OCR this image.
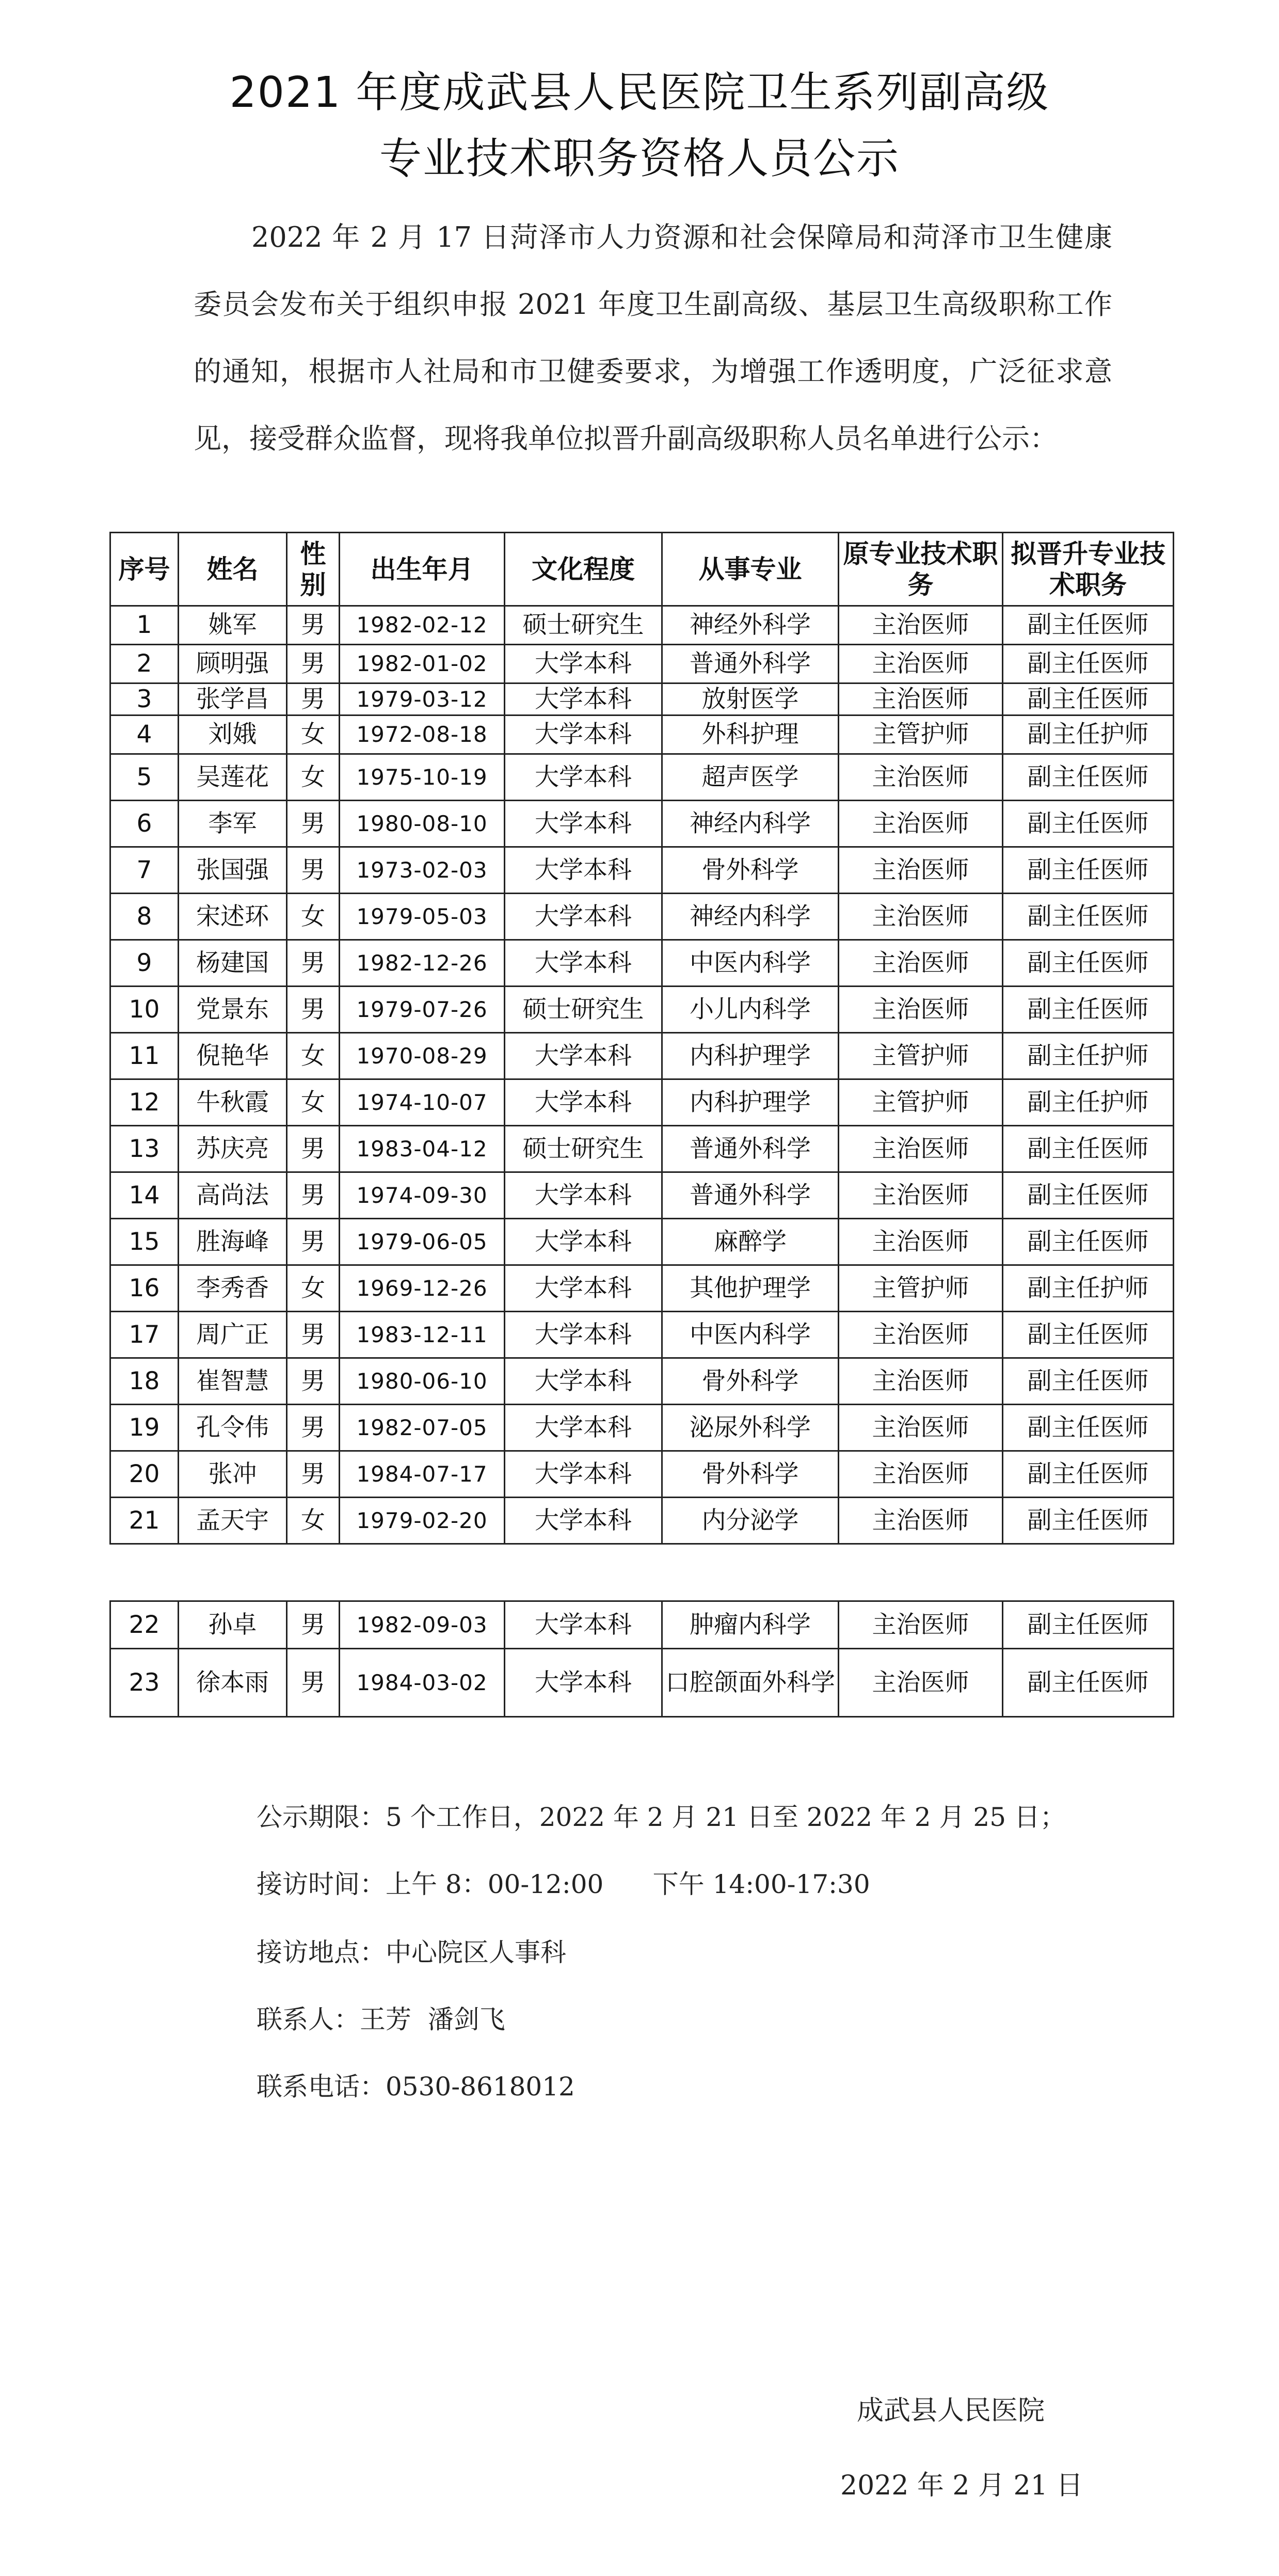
2021 年度成武县人民医院卫生系列副高级
专业技术职务资格人员公示

2022 年 2 月 17 日菏泽市人力资源和社会保障局和菏泽市卫生健康委员会发布关于组织申报 2021 年度卫生副高级、基层卫生高级职称工作的通知，根据市人社局和市卫健委要求，为增强工作透明度，广泛征求意见，接受群众监督，现将我单位拟晋升副高级职称人员名单进行公示：

序号	姓名	性别	出生年月	文化程度	从事专业	原专业技术职务	拟晋升专业技术职务
1	姚军	男	1982-02-12	硕士研究生	神经外科学	主治医师	副主任医师
2	顾明强	男	1982-01-02	大学本科	普通外科学	主治医师	副主任医师
3	张学昌	男	1979-03-12	大学本科	放射医学	主治医师	副主任医师
4	刘娥	女	1972-08-18	大学本科	外科护理	主管护师	副主任护师
5	吴莲花	女	1975-10-19	大学本科	超声医学	主治医师	副主任医师
6	李军	男	1980-08-10	大学本科	神经内科学	主治医师	副主任医师
7	张国强	男	1973-02-03	大学本科	骨外科学	主治医师	副主任医师
8	宋述环	女	1979-05-03	大学本科	神经内科学	主治医师	副主任医师
9	杨建国	男	1982-12-26	大学本科	中医内科学	主治医师	副主任医师
10	党景东	男	1979-07-26	硕士研究生	小儿内科学	主治医师	副主任医师
11	倪艳华	女	1970-08-29	大学本科	内科护理学	主管护师	副主任护师
12	牛秋霞	女	1974-10-07	大学本科	内科护理学	主管护师	副主任护师
13	苏庆亮	男	1983-04-12	硕士研究生	普通外科学	主治医师	副主任医师
14	高尚法	男	1974-09-30	大学本科	普通外科学	主治医师	副主任医师
15	胜海峰	男	1979-06-05	大学本科	麻醉学	主治医师	副主任医师
16	李秀香	女	1969-12-26	大学本科	其他护理学	主管护师	副主任护师
17	周广正	男	1983-12-11	大学本科	中医内科学	主治医师	副主任医师
18	崔智慧	男	1980-06-10	大学本科	骨外科学	主治医师	副主任医师
19	孔令伟	男	1982-07-05	大学本科	泌尿外科学	主治医师	副主任医师
20	张冲	男	1984-07-17	大学本科	骨外科学	主治医师	副主任医师
21	孟天宇	女	1979-02-20	大学本科	内分泌学	主治医师	副主任医师
22	孙卓	男	1982-09-03	大学本科	肿瘤内科学	主治医师	副主任医师
23	徐本雨	男	1984-03-02	大学本科	口腔颌面外科学	主治医师	副主任医师
公示期限：5 个工作日，2022 年 2 月 21 日至 2022 年 2 月 25 日；
接访时间：上午 8：00-12:00      下午 14:00-17:30
接访地点：中心院区人事科
联系人：王芳  潘剑飞
联系电话：0530-8618012
成武县人民医院
2022 年 2 月 21 日
